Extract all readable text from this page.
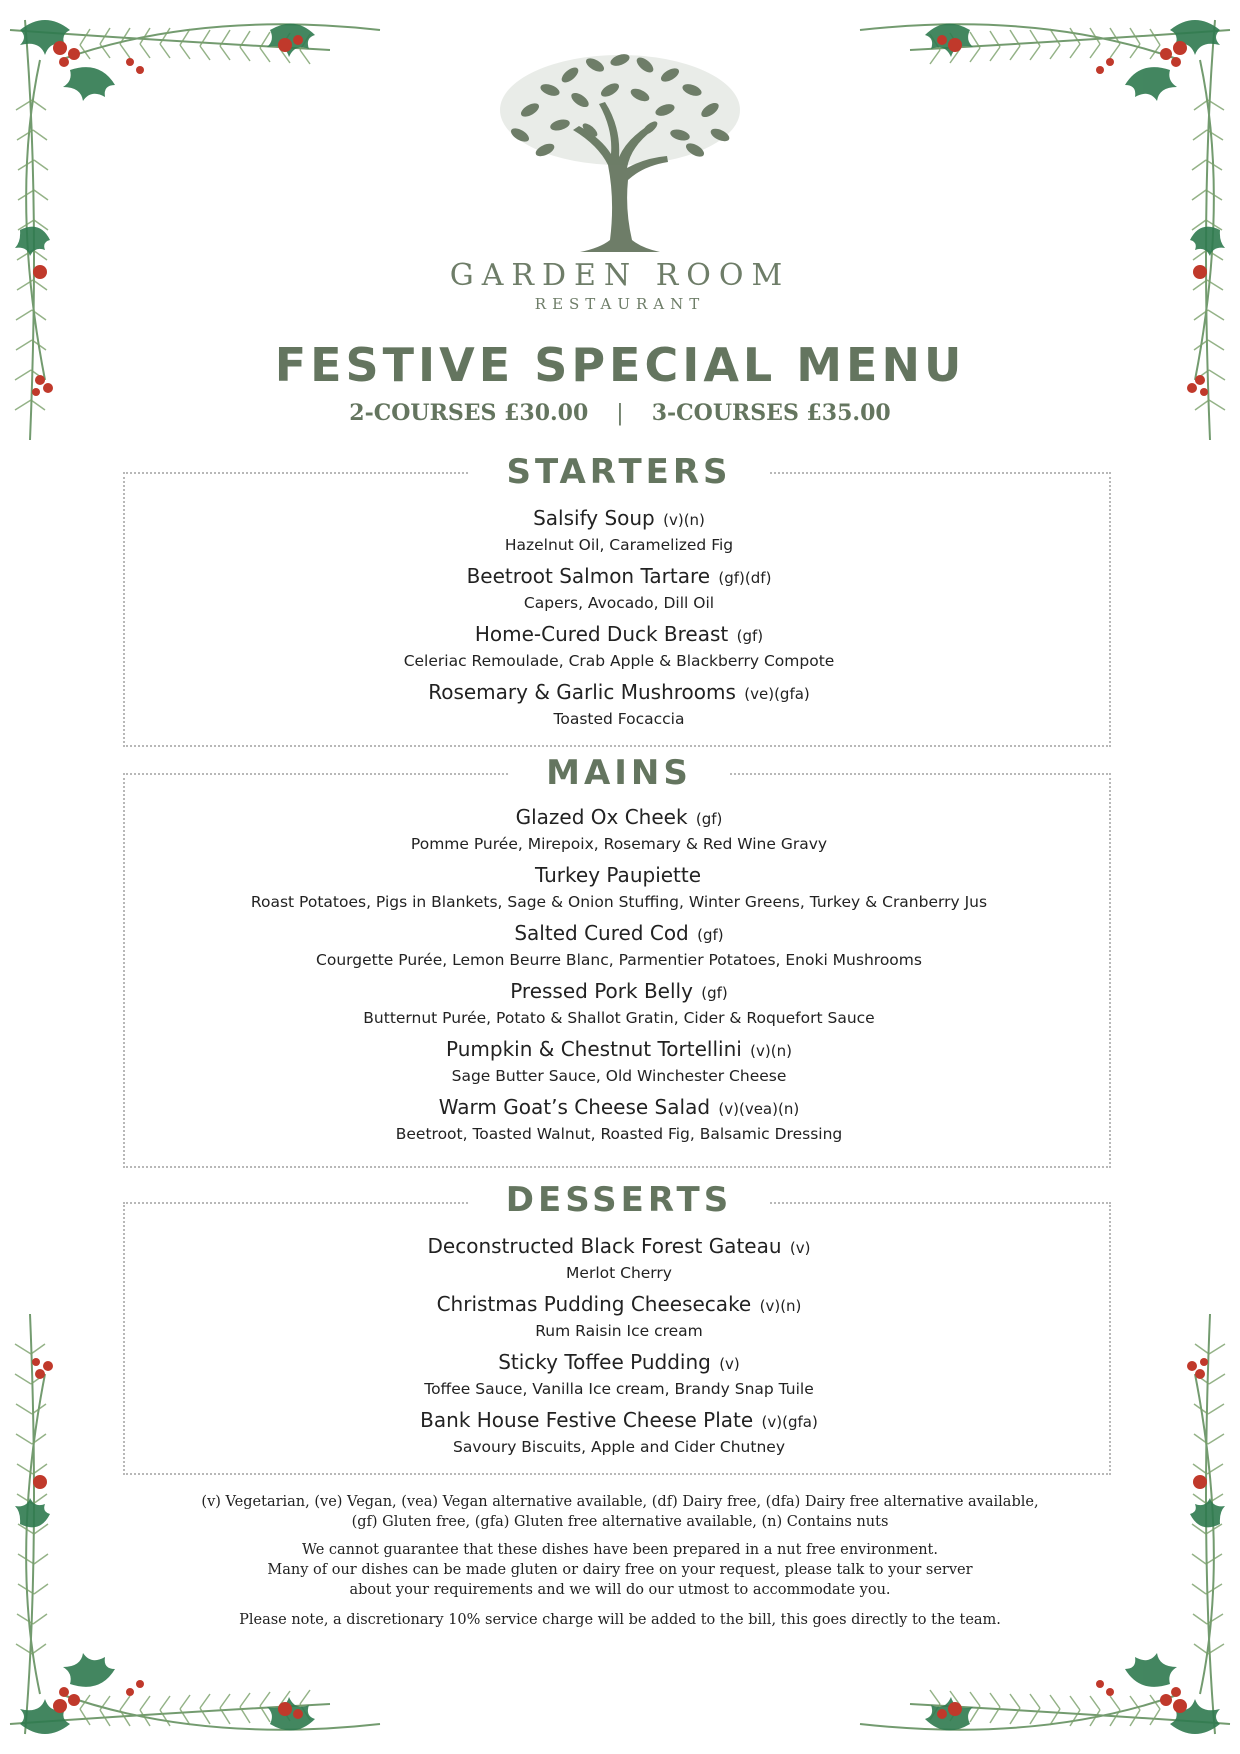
GARDEN ROOM
RESTAURANT
FESTIVE SPECIAL MENU
2-COURSES £30.00 | 3-COURSES £35.00
STARTERS
Salsify Soup (v)(n)
Hazelnut Oil, Caramelized Fig
Beetroot Salmon Tartare (gf)(df)
Capers, Avocado, Dill Oil
Home-Cured Duck Breast (gf)
Celeriac Remoulade, Crab Apple & Blackberry Compote
Rosemary & Garlic Mushrooms (ve)(gfa)
Toasted Focaccia
MAINS
Glazed Ox Cheek (gf)
Pomme Purée, Mirepoix, Rosemary & Red Wine Gravy
Turkey Paupiette
Roast Potatoes, Pigs in Blankets, Sage & Onion Stuffing, Winter Greens, Turkey & Cranberry Jus
Salted Cured Cod (gf)
Courgette Purée, Lemon Beurre Blanc, Parmentier Potatoes, Enoki Mushrooms
Pressed Pork Belly (gf)
Butternut Purée, Potato & Shallot Gratin, Cider & Roquefort Sauce
Pumpkin & Chestnut Tortellini (v)(n)
Sage Butter Sauce, Old Winchester Cheese
Warm Goat’s Cheese Salad (v)(vea)(n)
Beetroot, Toasted Walnut, Roasted Fig, Balsamic Dressing
DESSERTS
Deconstructed Black Forest Gateau (v)
Merlot Cherry
Christmas Pudding Cheesecake (v)(n)
Rum Raisin Ice cream
Sticky Toffee Pudding (v)
Toffee Sauce, Vanilla Ice cream, Brandy Snap Tuile
Bank House Festive Cheese Plate (v)(gfa)
Savoury Biscuits, Apple and Cider Chutney
(v) Vegetarian, (ve) Vegan, (vea) Vegan alternative available, (df) Dairy free, (dfa) Dairy free alternative available,
(gf) Gluten free, (gfa) Gluten free alternative available, (n) Contains nuts
We cannot guarantee that these dishes have been prepared in a nut free environment.
Many of our dishes can be made gluten or dairy free on your request, please talk to your server
about your requirements and we will do our utmost to accommodate you.
Please note, a discretionary 10% service charge will be added to the bill, this goes directly to the team.
